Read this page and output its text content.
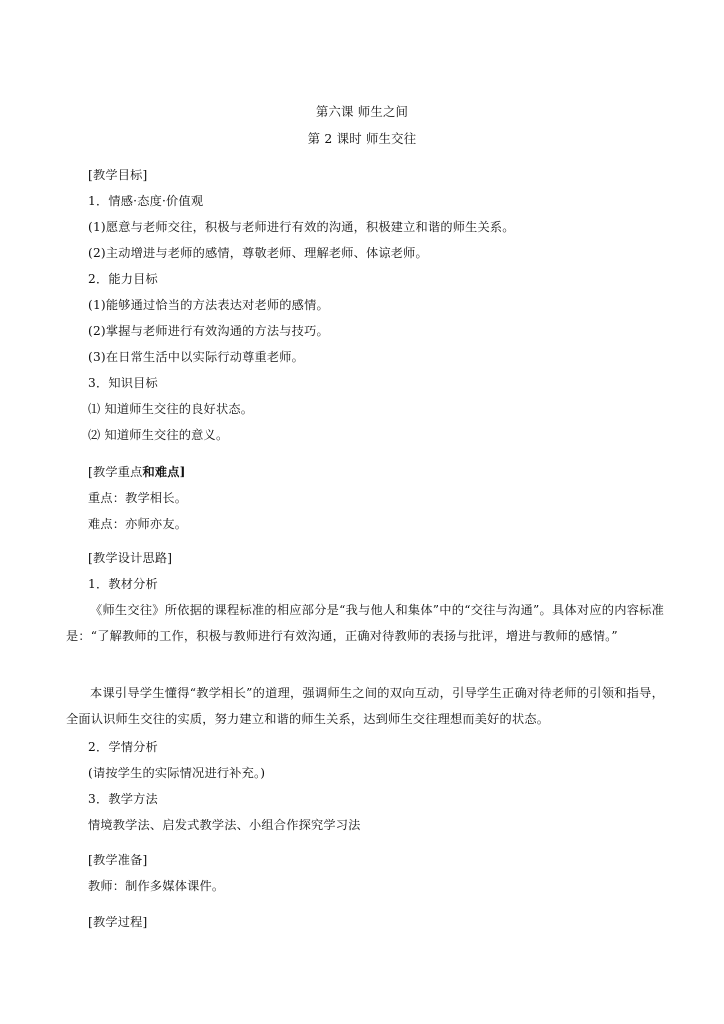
第六课 师生之间
第 2 课时 师生交往
[教学目标]
1．情感·态度·价值观
(1)愿意与老师交往，积极与老师进行有效的沟通，积极建立和谐的师生关系。
(2)主动增进与老师的感情，尊敬老师、理解老师、体谅老师。
2．能力目标
(1)能够通过恰当的方法表达对老师的感情。
(2)掌握与老师进行有效沟通的方法与技巧。
(3)在日常生活中以实际行动尊重老师。
3．知识目标
⑴ 知道师生交往的良好状态。
⑵ 知道师生交往的意义。
[教学重点和难点]
重点：教学相长。
难点：亦师亦友。
[教学设计思路]
1．教材分析
《师生交往》所依据的课程标准的相应部分是“我与他人和集体”中的“交往与沟通”。具体对应的内容标准是：“了解教师的工作，积极与教师进行有效沟通，正确对待教师的表扬与批评，增进与教师的感情。”
本课引导学生懂得“教学相长”的道理，强调师生之间的双向互动，引导学生正确对待老师的引领和指导，全面认识师生交往的实质，努力建立和谐的师生关系，达到师生交往理想而美好的状态。
2．学情分析
(请按学生的实际情况进行补充。)
3．教学方法
情境教学法、启发式教学法、小组合作探究学习法
[教学准备]
教师：制作多媒体课件。
[教学过程]
